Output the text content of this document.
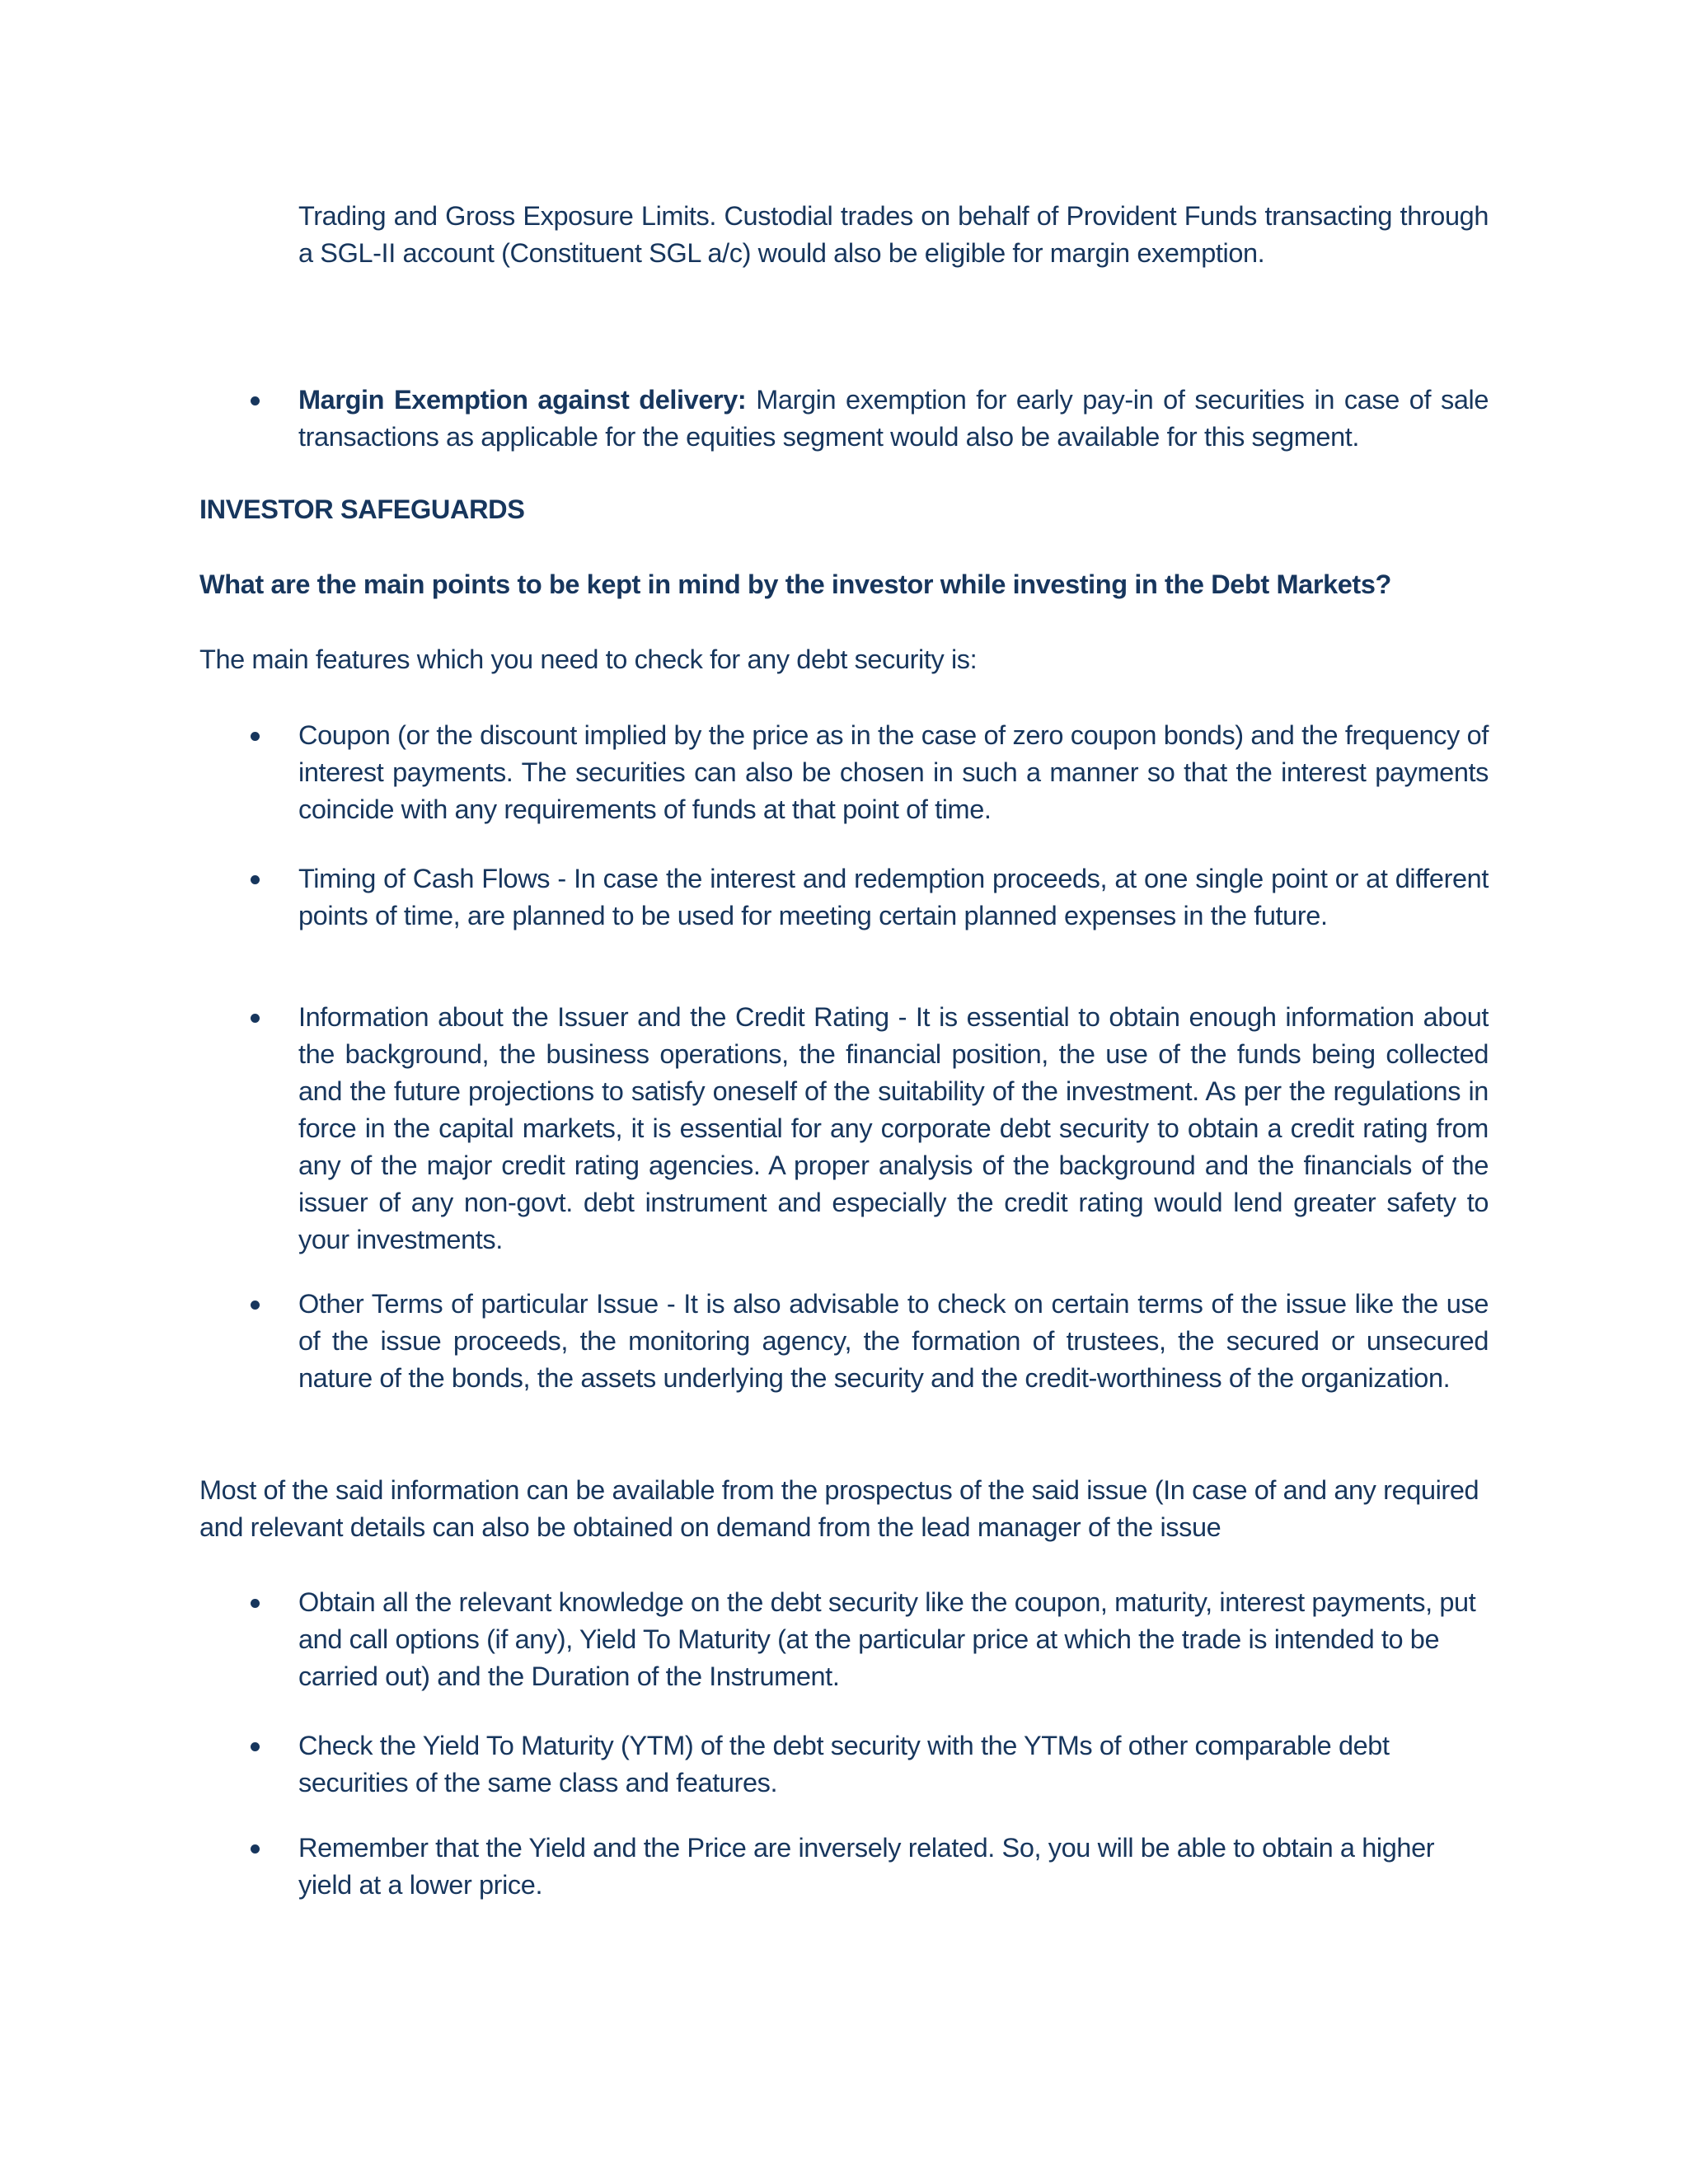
Trading and Gross Exposure Limits. Custodial trades on behalf of Provident Funds transacting through a SGL-II account (Constituent SGL a/c) would also be eligible for margin exemption.

Margin Exemption against delivery: Margin exemption for early pay-in of securities in case of sale transactions as applicable for the equities segment would also be available for this segment.

INVESTOR SAFEGUARDS

What are the main points to be kept in mind by the investor while investing in the Debt Markets?

The main features which you need to check for any debt security is:

Coupon (or the discount implied by the price as in the case of zero coupon bonds) and the frequency of interest payments. The securities can also be chosen in such a manner so that the interest payments coincide with any requirements of funds at that point of time.

Timing of Cash Flows - In case the interest and redemption proceeds, at one single point or at different points of time, are planned to be used for meeting certain planned expenses in the future.

Information about the Issuer and the Credit Rating - It is essential to obtain enough information about the background, the business operations, the financial position, the use of the funds being collected and the future projections to satisfy oneself of the suitability of the investment. As per the regulations in force in the capital markets, it is essential for any corporate debt security to obtain a credit rating from any of the major credit rating agencies. A proper analysis of the background and the financials of the issuer of any non-govt. debt instrument and especially the credit rating would lend greater safety to your investments.

Other Terms of particular Issue - It is also advisable to check on certain terms of the issue like the use of the issue proceeds, the monitoring agency, the formation of trustees, the secured or unsecured nature of the bonds, the assets underlying the security and the credit-worthiness of the organization.

Most of the said information can be available from the prospectus of the said issue (In case of and any required and relevant details can also be obtained on demand from the lead manager of the issue

Obtain all the relevant knowledge on the debt security like the coupon, maturity, interest payments, put and call options (if any), Yield To Maturity (at the particular price at which the trade is intended to be carried out) and the Duration of the Instrument.

Check the Yield To Maturity (YTM) of the debt security with the YTMs of other comparable debt securities of the same class and features.

Remember that the Yield and the Price are inversely related. So, you will be able to obtain a higher yield at a lower price.
